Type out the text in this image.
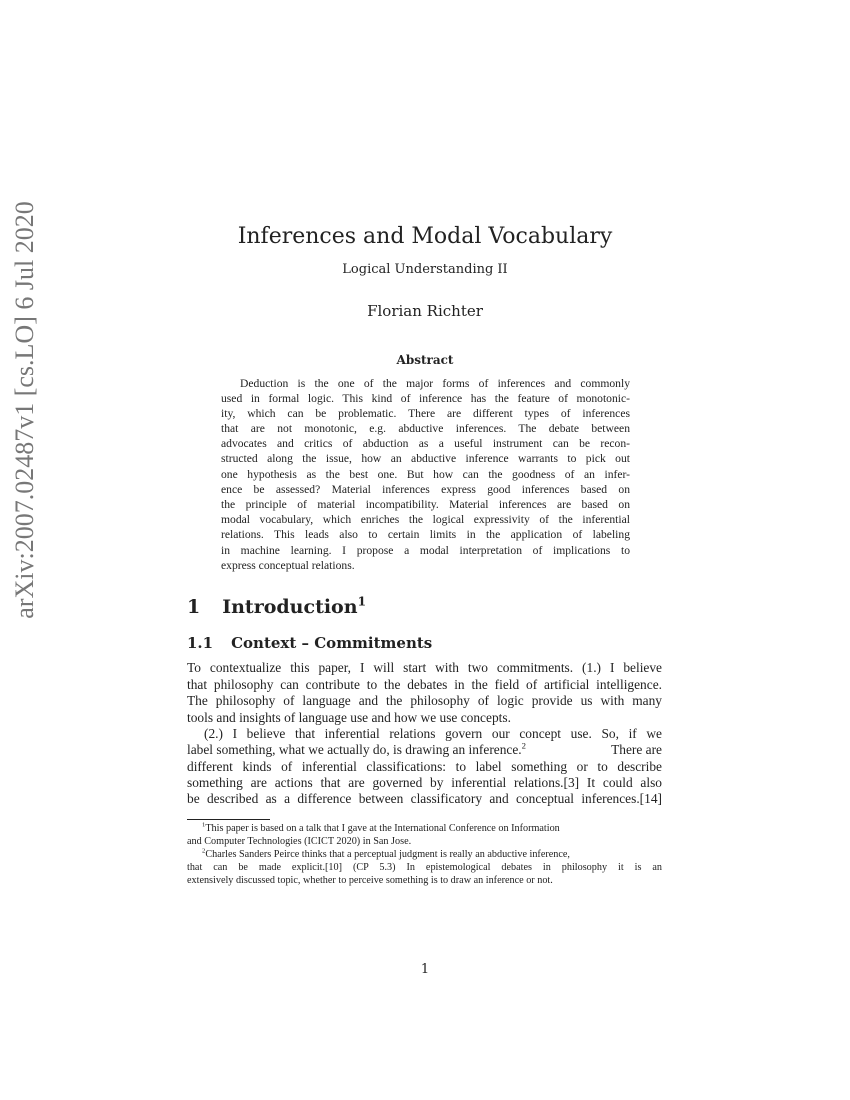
arXiv:2007.02487v1 [cs.LO] 6 Jul 2020	Inferences and Modal Vocabulary
Logical Understanding II
Florian Richter
Abstract
Deduction is the one of the major forms of inferences and commonly
used in formal logic. This kind of inference has the feature of monotonic-
ity, which can be problematic. There are different types of inferences
that are not monotonic, e.g. abductive inferences. The debate between
advocates and critics of abduction as a useful instrument can be recon-
structed along the issue, how an abductive inference warrants to pick out
one hypothesis as the best one. But how can the goodness of an infer-
ence be assessed? Material inferences express good inferences based on
the principle of material incompatibility. Material inferences are based on
modal vocabulary, which enriches the logical expressivity of the inferential
relations. This leads also to certain limits in the application of labeling
in machine learning. I propose a modal interpretation of implications to
express conceptual relations.
1 Introduction$^1$
1.1 Context – Commitments
To contextualize this paper, I will start with two commitments. (1.) I believe
that philosophy can contribute to the debates in the field of artificial intelligence.
The philosophy of language and the philosophy of logic provide us with many
tools and insights of language use and how we use concepts.
(2.) I believe that inferential relations govern our concept use. So, if we
label something, what we actually do, is drawing an inference.$^2$	There are
different kinds of inferential classifications: to label something or to describe
something are actions that are governed by inferential relations.[3] It could also
be described as a difference between classificatory and conceptual inferences.[14]
$^1$This paper is based on a talk that I gave at the International Conference on Information
and Computer Technologies (ICICT 2020) in San Jose.
$^2$Charles Sanders Peirce thinks that a perceptual judgment is really an abductive inference,
that can be made explicit.[10] (CP 5.3) In epistemological debates in philosophy it is an
extensively discussed topic, whether to perceive something is to draw an inference or not.
1
